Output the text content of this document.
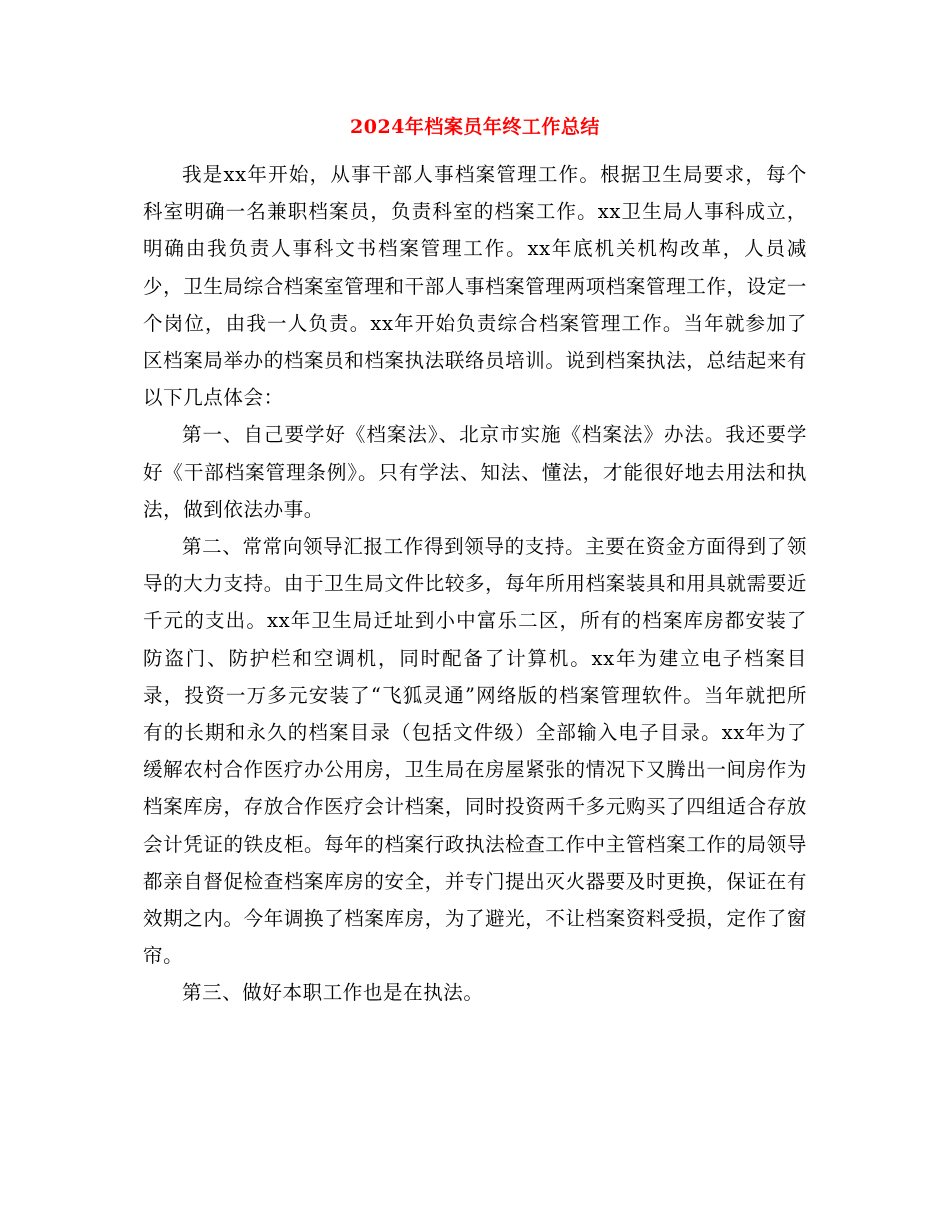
2024年档案员年终工作总结

我是xx年开始，从事干部人事档案管理工作。根据卫生局要求，每个科室明确一名兼职档案员，负责科室的档案工作。xx卫生局人事科成立，明确由我负责人事科文书档案管理工作。xx年底机关机构改革，人员减少，卫生局综合档案室管理和干部人事档案管理两项档案管理工作，设定一个岗位，由我一人负责。xx年开始负责综合档案管理工作。当年就参加了区档案局举办的档案员和档案执法联络员培训。说到档案执法，总结起来有以下几点体会：

第一、自己要学好《档案法》、北京市实施《档案法》办法。我还要学好《干部档案管理条例》。只有学法、知法、懂法，才能很好地去用法和执法，做到依法办事。

第二、常常向领导汇报工作得到领导的支持。主要在资金方面得到了领导的大力支持。由于卫生局文件比较多，每年所用档案装具和用具就需要近千元的支出。xx年卫生局迁址到小中富乐二区，所有的档案库房都安装了防盗门、防护栏和空调机，同时配备了计算机。xx年为建立电子档案目录，投资一万多元安装了“飞狐灵通”网络版的档案管理软件。当年就把所有的长期和永久的档案目录（包括文件级）全部输入电子目录。xx年为了缓解农村合作医疗办公用房，卫生局在房屋紧张的情况下又腾出一间房作为档案库房，存放合作医疗会计档案，同时投资两千多元购买了四组适合存放会计凭证的铁皮柜。每年的档案行政执法检查工作中主管档案工作的局领导都亲自督促检查档案库房的安全，并专门提出灭火器要及时更换，保证在有效期之内。今年调换了档案库房，为了避光，不让档案资料受损，定作了窗帘。

第三、做好本职工作也是在执法。
